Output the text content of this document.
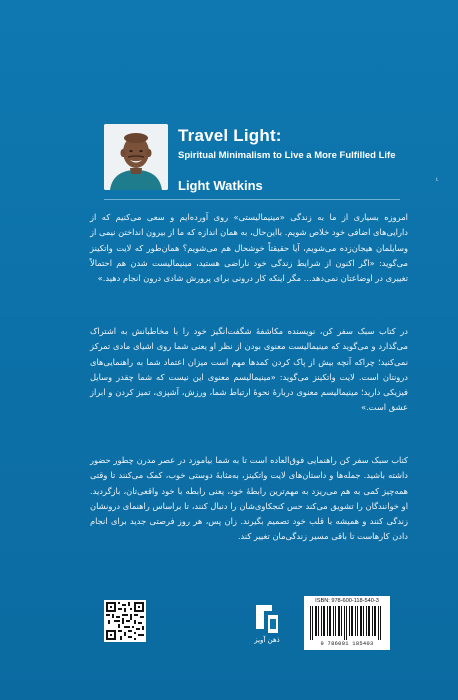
Travel Light:

Spiritual Minimalism to Live a More Fulfilled Life

Light Watkins	ι
امروزه بسیاری از ما به زندگی «مینیمالیستی» روی آورده‌ایم و سعی می‌کنیم که از دارایی‌های اضافی خود خلاص شویم. بااین‌حال، به همان اندازه که ما از بیرون انداختن نیمی از وسایلمان هیجان‌زده می‌شویم، آیا حقیقتاً خوشحال هم می‌شویم؟ همان‌طور که لایت واتکینز می‌گوید: «اگر اکنون از شرایط زندگی خود ناراضی هستید، مینیمالیست شدن هم احتمالاً تغییری در اوضاعتان نمی‌دهد... مگر اینکه کار درونی برای پرورش شادی درون انجام دهید.»
در کتاب سبک سفر کن، نویسنده مکاشفهٔ شگفت‌انگیز خود را با مخاطبانش به اشتراک می‌گذارد و می‌گوید که مینیمالیست معنوی بودن از نظر او یعنی شما روی اشیای مادی تمرکز نمی‌کنید؛ چراکه آنچه بیش از پاک کردن کمدها مهم است میزان اعتماد شما به راهنمایی‌های درونتان است. لایت واتکینز می‌گوید: «مینیمالیسم معنوی این نیست که شما چقدر وسایل فیزیکی دارید؛ مینیمالیسم معنوی دربارهٔ نحوهٔ ارتباط شما، ورزش، آشپزی، تمیز کردن و ابراز عشق است.»
کتاب سبک سفر کن راهنمایی فوق‌العاده است تا به شما بیاموزد در عصر مدرن چطور حضور داشته باشید. جمله‌ها و داستان‌های لایت واتکینز، به‌مثابهٔ دوستی خوب، کمک می‌کنند تا وقتی همه‌چیز کمی به هم می‌ریزد به مهم‌ترین رابطهٔ خود، یعنی رابطه با خود واقعی‌تان، بازگردید. او خوانندگان را تشویق می‌کند حس کنجکاوی‌شان را دنبال کنند، تا براساس راهنمای درونشان زندگی کنند و همیشه با قلب خود تصمیم بگیرند. زان پس، هر روز فرصتی جدید برای انجام دادن کارهاست تا باقی مسیر زندگی‌مان تغییر کند.
ذهن آویز
ISBN: 978-600-118-540-3
9 786001 185403
